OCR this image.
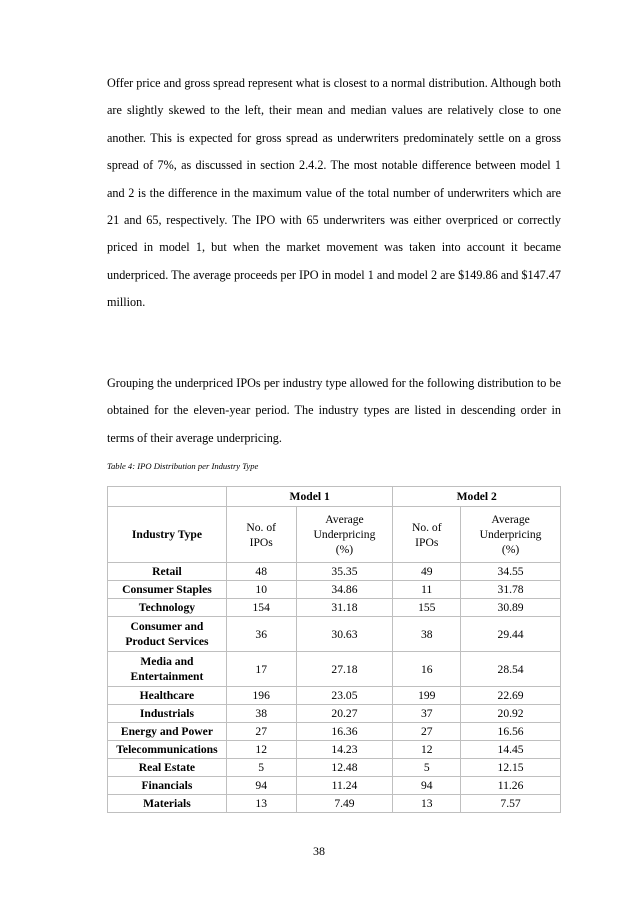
Offer price and gross spread represent what is closest to a normal distribution. Although both are slightly skewed to the left, their mean and median values are relatively close to one another. This is expected for gross spread as underwriters predominately settle on a gross spread of 7%, as discussed in section 2.4.2. The most notable difference between model 1 and 2 is the difference in the maximum value of the total number of underwriters which are 21 and 65, respectively. The IPO with 65 underwriters was either overpriced or correctly priced in model 1, but when the market movement was taken into account it became underpriced. The average proceeds per IPO in model 1 and model 2 are $149.86 and $147.47 million.

Grouping the underpriced IPOs per industry type allowed for the following distribution to be obtained for the eleven-year period. The industry types are listed in descending order in terms of their average underpricing.

Table 4: IPO Distribution per Industry Type

	Model 1		Model 2	
Industry Type	No. of IPOs	Average Underpricing (%)	No. of IPOs	Average Underpricing (%)
Retail	48	35.35	49	34.55
Consumer Staples	10	34.86	11	31.78
Technology	154	31.18	155	30.89
Consumer and Product Services	36	30.63	38	29.44
Media and Entertainment	17	27.18	16	28.54
Healthcare	196	23.05	199	22.69
Industrials	38	20.27	37	20.92
Energy and Power	27	16.36	27	16.56
Telecommunications	12	14.23	12	14.45
Real Estate	5	12.48	5	12.15
Financials	94	11.24	94	11.26
Materials	13	7.49	13	7.57

38
